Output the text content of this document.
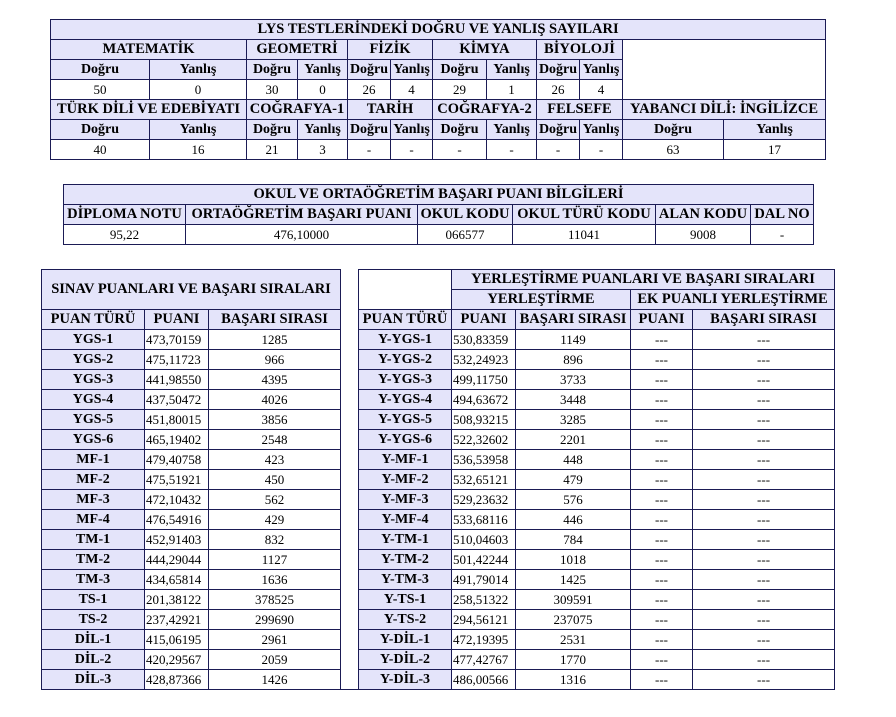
LYS TESTLERİNDEKİ DOĞRU VE YANLIŞ SAYILARI											
MATEMATİK		GEOMETRİ		FİZİK		KİMYA		BİYOLOJİ			
Doğru	Yanlış	Doğru	Yanlış	Doğru	Yanlış	Doğru	Yanlış	Doğru	Yanlış		
50	0	30	0	26	4	29	1	26	4		
TÜRK DİLİ VE EDEBİYATI		COĞRAFYA-1		TARİH		COĞRAFYA-2		FELSEFE		YABANCI DİLİ: İNGİLİZCE	
Doğru	Yanlış	Doğru	Yanlış	Doğru	Yanlış	Doğru	Yanlış	Doğru	Yanlış	Doğru	Yanlış
40	16	21	3	-	-	-	-	-	-	63	17
OKUL VE ORTAÖĞRETİM BAŞARI PUANI BİLGİLERİ					
DİPLOMA NOTU	ORTAÖĞRETİM BAŞARI PUANI	OKUL KODU	OKUL TÜRÜ KODU	ALAN KODU	DAL NO
95,22	476,10000	066577	11041	9008	-
SINAV PUANLARI VE BAŞARI SIRALARI					YERLEŞTİRME PUANLARI VE BAŞARI SIRALARI			
					YERLEŞTİRME		EK PUANLI YERLEŞTİRME	
PUAN TÜRÜ	PUANI	BAŞARI SIRASI		PUAN TÜRÜ	PUANI	BAŞARI SIRASI	PUANI	BAŞARI SIRASI
YGS-1	473,70159	1285		Y-YGS-1	530,83359	1149	---	---
YGS-2	475,11723	966		Y-YGS-2	532,24923	896	---	---
YGS-3	441,98550	4395		Y-YGS-3	499,11750	3733	---	---
YGS-4	437,50472	4026		Y-YGS-4	494,63672	3448	---	---
YGS-5	451,80015	3856		Y-YGS-5	508,93215	3285	---	---
YGS-6	465,19402	2548		Y-YGS-6	522,32602	2201	---	---
MF-1	479,40758	423		Y-MF-1	536,53958	448	---	---
MF-2	475,51921	450		Y-MF-2	532,65121	479	---	---
MF-3	472,10432	562		Y-MF-3	529,23632	576	---	---
MF-4	476,54916	429		Y-MF-4	533,68116	446	---	---
TM-1	452,91403	832		Y-TM-1	510,04603	784	---	---
TM-2	444,29044	1127		Y-TM-2	501,42244	1018	---	---
TM-3	434,65814	1636		Y-TM-3	491,79014	1425	---	---
TS-1	201,38122	378525		Y-TS-1	258,51322	309591	---	---
TS-2	237,42921	299690		Y-TS-2	294,56121	237075	---	---
DİL-1	415,06195	2961		Y-DİL-1	472,19395	2531	---	---
DİL-2	420,29567	2059		Y-DİL-2	477,42767	1770	---	---
DİL-3	428,87366	1426		Y-DİL-3	486,00566	1316	---	---
